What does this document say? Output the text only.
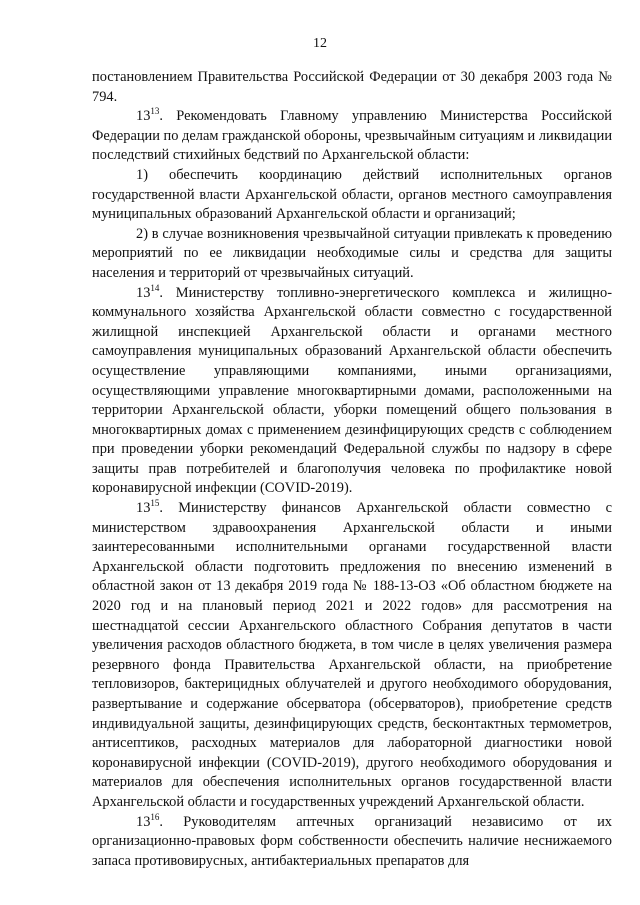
12

постановлением Правительства Российской Федерации от 30 декабря 2003 года № 794.

$13^{13}$. Рекомендовать Главному управлению Министерства Российской Федерации по делам гражданской обороны, чрезвычайным ситуациям и ликвидации последствий стихийных бедствий по Архангельской области:

1) обеспечить координацию действий исполнительных органов государственной власти Архангельской области, органов местного самоуправления муниципальных образований Архангельской области и организаций;

2) в случае возникновения чрезвычайной ситуации привлекать к проведению мероприятий по ее ликвидации необходимые силы и средства для защиты населения и территорий от чрезвычайных ситуаций.

$13^{14}$. Министерству топливно-энергетического комплекса и жилищно-коммунального хозяйства Архангельской области совместно с государственной жилищной инспекцией Архангельской области и органами местного самоуправления муниципальных образований Архангельской области обеспечить осуществление управляющими компаниями, иными организациями, осуществляющими управление многоквартирными домами, расположенными на территории Архангельской области, уборки помещений общего пользования в многоквартирных домах с применением дезинфицирующих средств с соблюдением при проведении уборки рекомендаций Федеральной службы по надзору в сфере защиты прав потребителей и благополучия человека по профилактике новой коронавирусной инфекции (COVID-2019).

$13^{15}$. Министерству финансов Архангельской области совместно с министерством здравоохранения Архангельской области и иными заинтересованными исполнительными органами государственной власти Архангельской области подготовить предложения по внесению изменений в областной закон от 13 декабря 2019 года № 188-13-ОЗ «Об областном бюджете на 2020 год и на плановый период 2021 и 2022 годов» для рассмотрения на шестнадцатой сессии Архангельского областного Собрания депутатов в части увеличения расходов областного бюджета, в том числе в целях увеличения размера резервного фонда Правительства Архангельской области, на приобретение тепловизоров, бактерицидных облучателей и другого необходимого оборудования, развертывание и содержание обсерватора (обсерваторов), приобретение средств индивидуальной защиты, дезинфицирующих средств, бесконтактных термометров, антисептиков, расходных материалов для лабораторной диагностики новой коронавирусной инфекции (COVID-2019), другого необходимого оборудования и материалов для обеспечения исполнительных органов государственной власти Архангельской области и государственных учреждений Архангельской области.

$13^{16}$. Руководителям аптечных организаций независимо от их организационно-правовых форм собственности обеспечить наличие неснижаемого запаса противовирусных, антибактериальных препаратов для
